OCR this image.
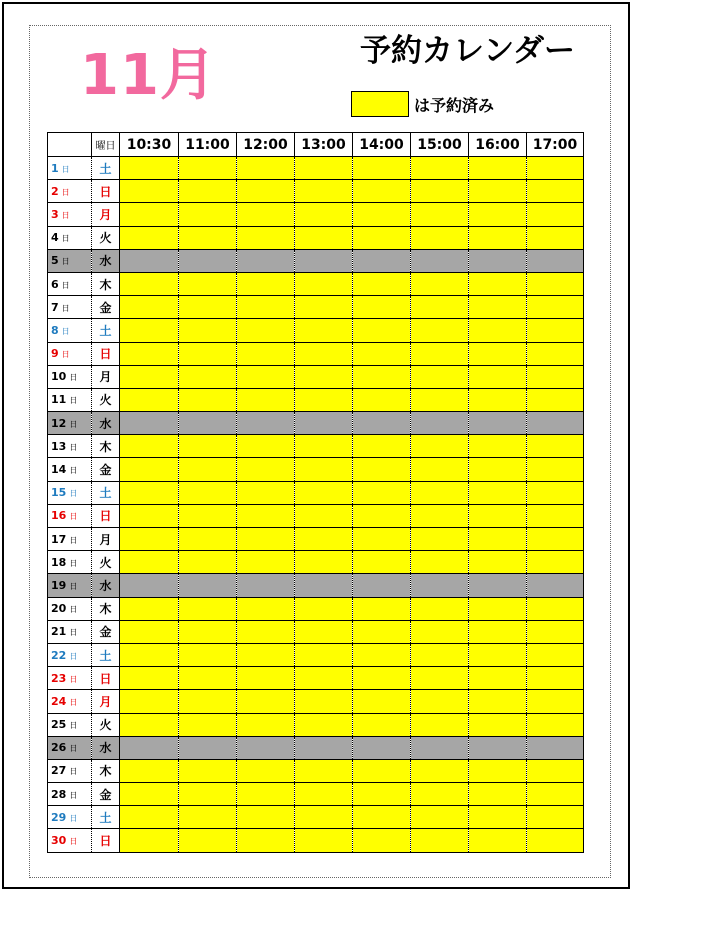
11月	予約カレンダー
は予約済み
	曜日	10:30	11:00	12:00	13:00	14:00	15:00	16:00	17:00
1 日	土								
2 日	日								
3 日	月								
4 日	火								
5 日	水								
6 日	木								
7 日	金								
8 日	土								
9 日	日								
10 日	月								
11 日	火								
12 日	水								
13 日	木								
14 日	金								
15 日	土								
16 日	日								
17 日	月								
18 日	火								
19 日	水								
20 日	木								
21 日	金								
22 日	土								
23 日	日								
24 日	月								
25 日	火								
26 日	水								
27 日	木								
28 日	金								
29 日	土								
30 日	日								
